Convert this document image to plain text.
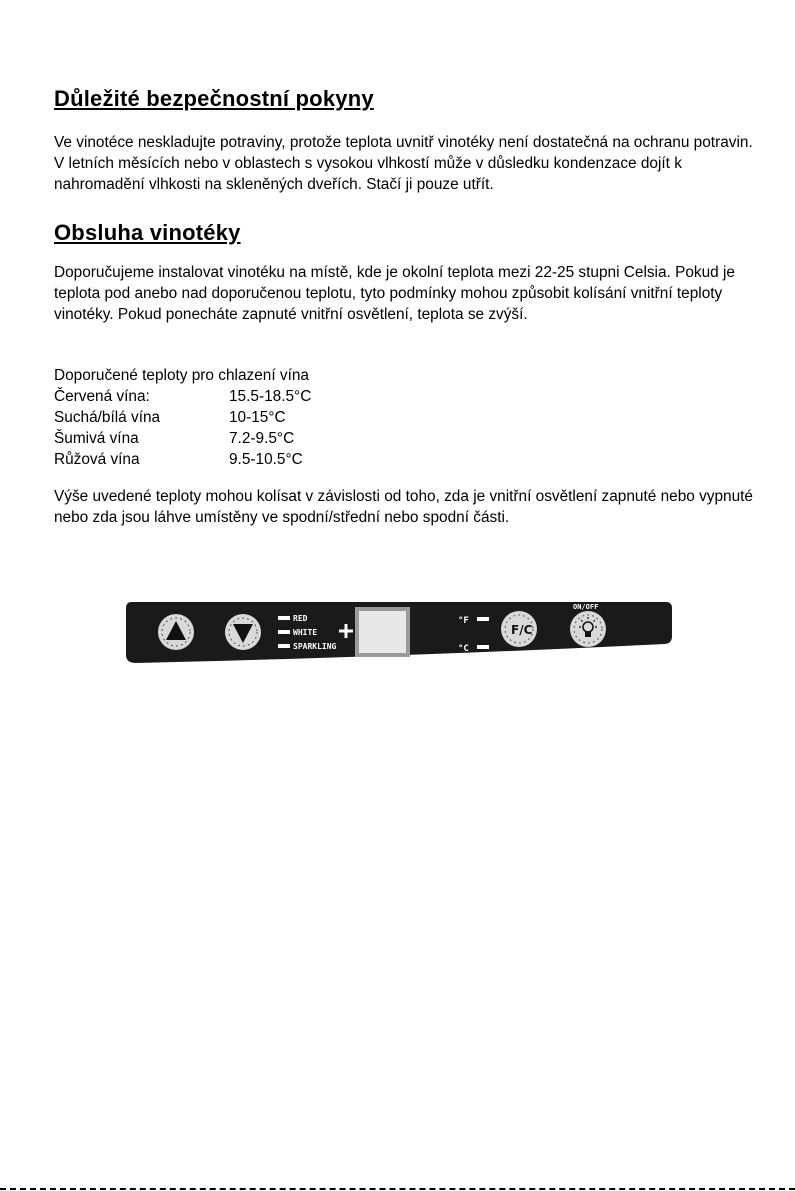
Důležité bezpečnostní pokyny

Ve vinotéce neskladujte potraviny, protože teplota uvnitř vinotéky není dostatečná na ochranu potravin. V letních měsících nebo v oblastech s vysokou vlhkostí může v důsledku kondenzace dojít k nahromadění vlhkosti na skleněných dveřích. Stačí ji pouze utřít.

Obsluha vinotéky

Doporučujeme instalovat vinotéku na místě, kde je okolní teplota mezi 22-25 stupni Celsia. Pokud je teplota pod anebo nad doporučenou teplotu, tyto podmínky mohou způsobit kolísání vnitřní teploty vinotéky. Pokud ponecháte zapnuté vnitřní osvětlení, teplota se zvýší.

Doporučené teploty pro chlazení vína
Červená vína:	15.5-18.5°C
Suchá/bílá vína	10-15°C
Šumivá vína	7.2-9.5°C
Růžová vína	9.5-10.5°C

Výše uvedené teploty mohou kolísat v závislosti od toho, zda je vnitřní osvětlení zapnuté nebo vypnuté nebo zda jsou láhve umístěny ve spodní/střední nebo spodní části.

RED
WHITE
SPARKLING
°F
°C
F/C
ON/OFF
